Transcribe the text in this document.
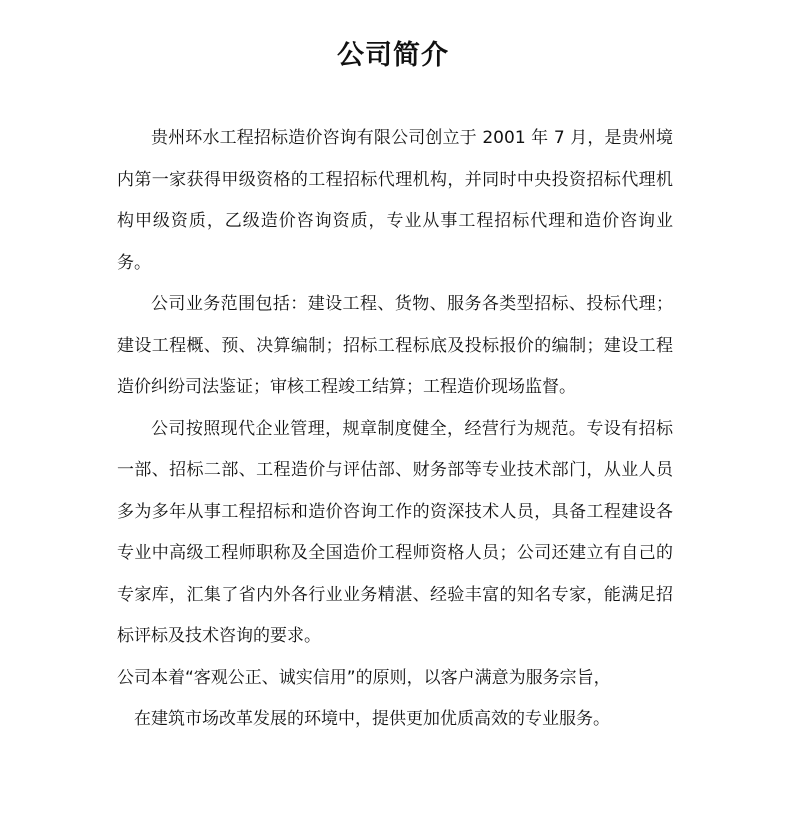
公司简介

贵州环水工程招标造价咨询有限公司创立于 2001 年 7 月，是贵州境内第一家获得甲级资格的工程招标代理机构，并同时中央投资招标代理机构甲级资质，乙级造价咨询资质，专业从事工程招标代理和造价咨询业务。

公司业务范围包括：建设工程、货物、服务各类型招标、投标代理；建设工程概、预、决算编制；招标工程标底及投标报价的编制；建设工程造价纠纷司法鉴证；审核工程竣工结算；工程造价现场监督。

公司按照现代企业管理，规章制度健全，经营行为规范。专设有招标一部、招标二部、工程造价与评估部、财务部等专业技术部门，从业人员多为多年从事工程招标和造价咨询工作的资深技术人员，具备工程建设各专业中高级工程师职称及全国造价工程师资格人员；公司还建立有自己的专家库，汇集了省内外各行业业务精湛、经验丰富的知名专家，能满足招标评标及技术咨询的要求。

公司本着“客观公正、诚实信用”的原则，以客户满意为服务宗旨，

在建筑市场改革发展的环境中，提供更加优质高效的专业服务。
